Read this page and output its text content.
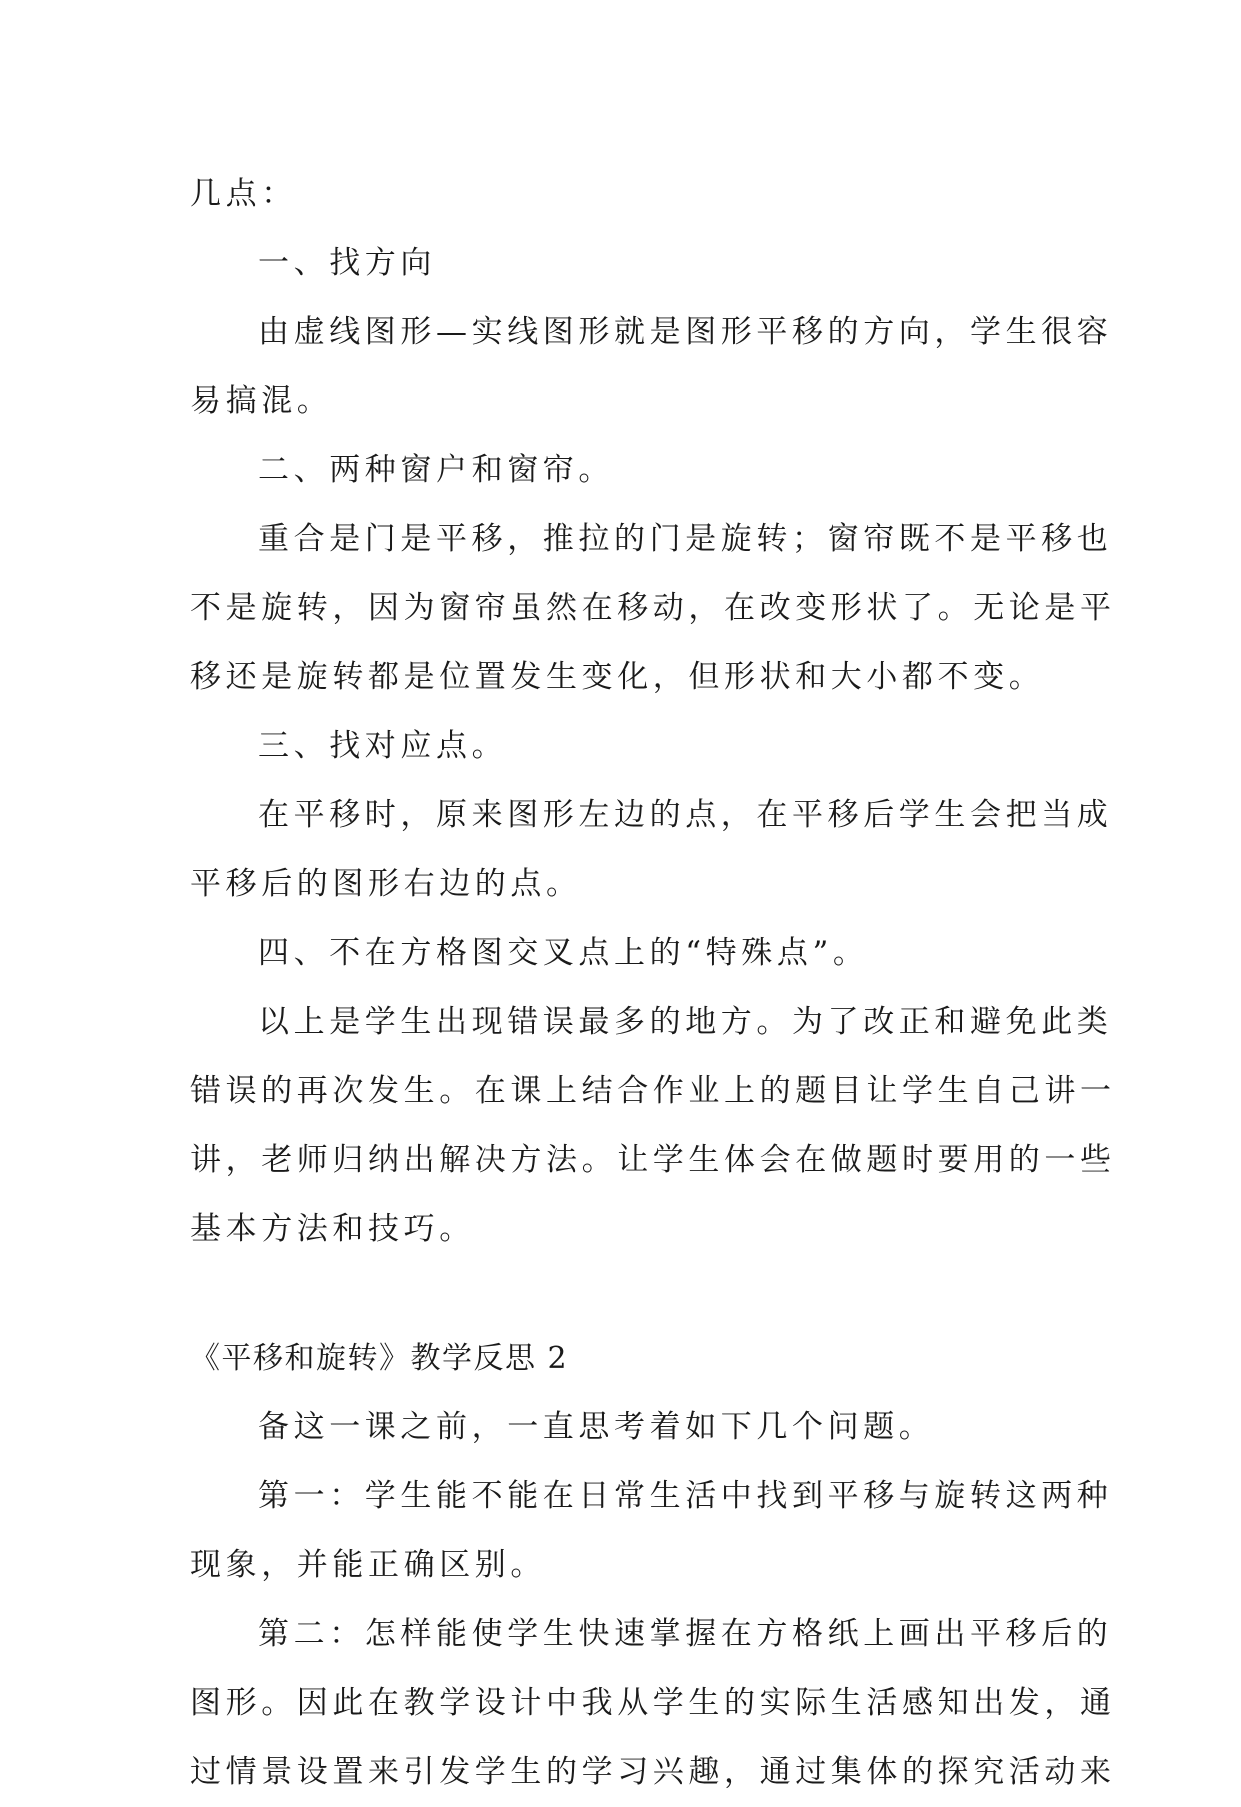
几点：

一、找方向

由虚线图形—实线图形就是图形平移的方向，学生很容

易搞混。

二、两种窗户和窗帘。

重合是门是平移，推拉的门是旋转；窗帘既不是平移也

不是旋转，因为窗帘虽然在移动，在改变形状了。无论是平

移还是旋转都是位置发生变化，但形状和大小都不变。

三、找对应点。

在平移时，原来图形左边的点，在平移后学生会把当成

平移后的图形右边的点。

四、不在方格图交叉点上的“特殊点”。

以上是学生出现错误最多的地方。为了改正和避免此类

错误的再次发生。在课上结合作业上的题目让学生自己讲一

讲，老师归纳出解决方法。让学生体会在做题时要用的一些

基本方法和技巧。

《平移和旋转》教学反思 2

备这一课之前，一直思考着如下几个问题。

第一：学生能不能在日常生活中找到平移与旋转这两种

现象，并能正确区别。

第二：怎样能使学生快速掌握在方格纸上画出平移后的

图形。因此在教学设计中我从学生的实际生活感知出发，通

过情景设置来引发学生的学习兴趣，通过集体的探究活动来
